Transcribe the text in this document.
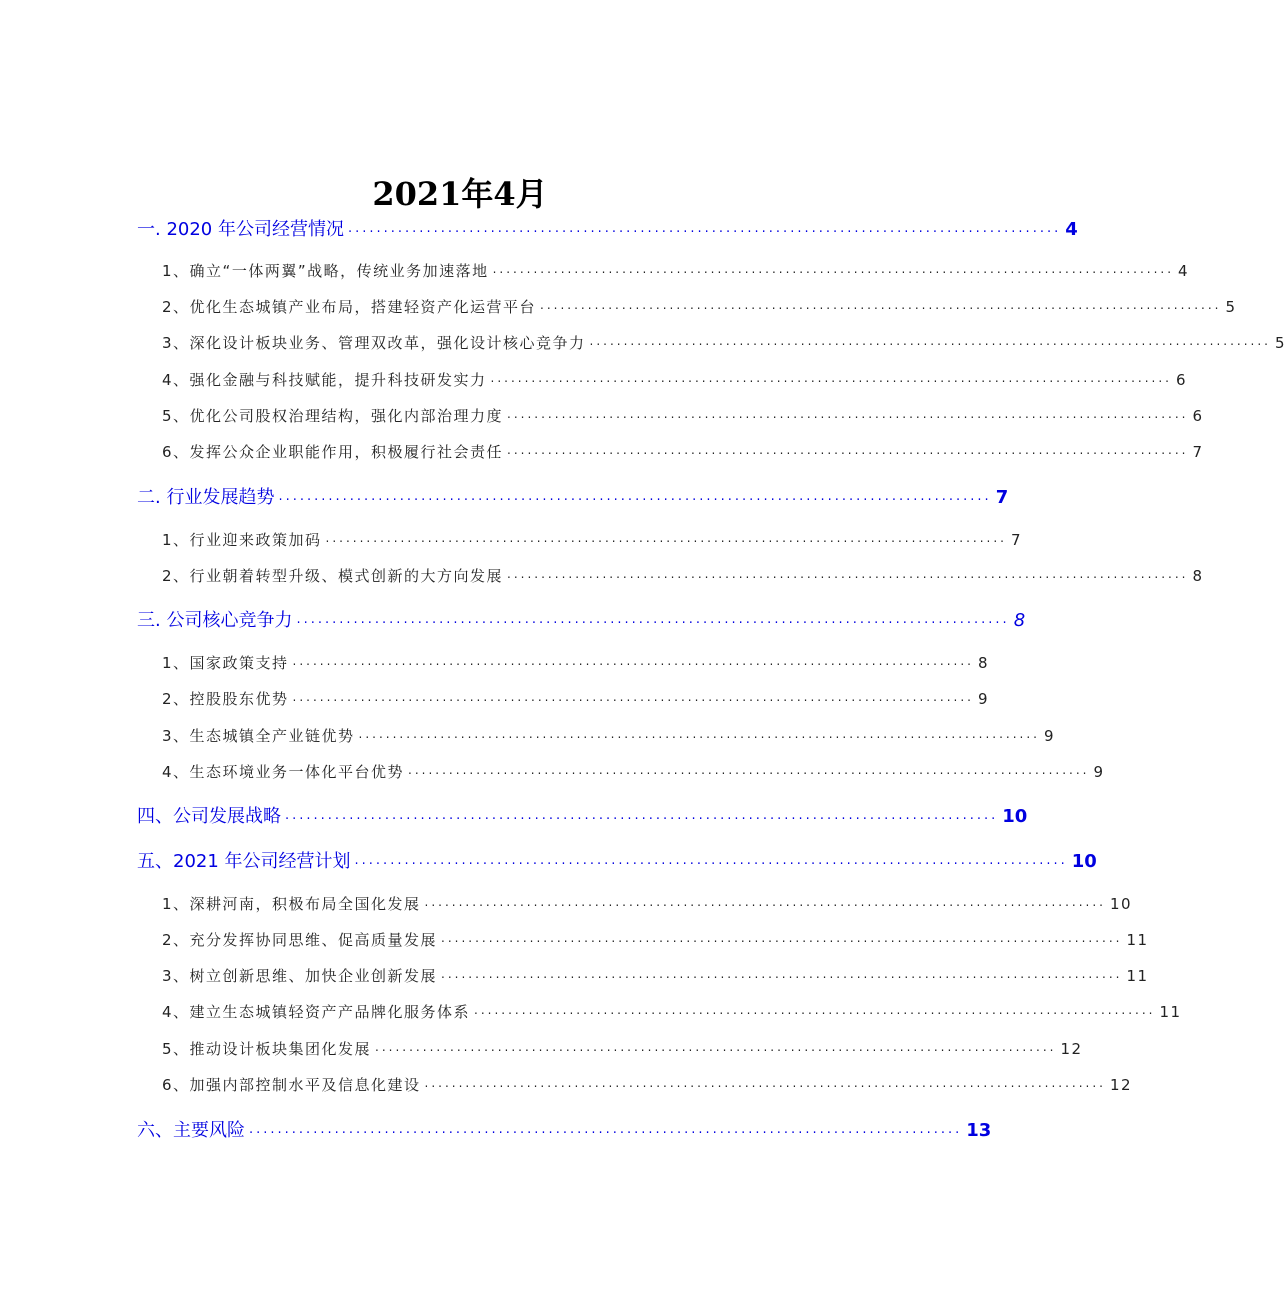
2021年4月
一. 2020 年公司经营情况 .................................................................................................... 4
1、确立“一体两翼”战略，传统业务加速落地 .................................................................................................... 4
2、优化生态城镇产业布局，搭建轻资产化运营平台 .................................................................................................... 5
3、深化设计板块业务、管理双改革，强化设计核心竞争力 .................................................................................................... 5
4、强化金融与科技赋能，提升科技研发实力 .................................................................................................... 6
5、优化公司股权治理结构，强化内部治理力度 .................................................................................................... 6
6、发挥公众企业职能作用，积极履行社会责任 .................................................................................................... 7
二. 行业发展趋势 .................................................................................................... 7
1、行业迎来政策加码 .................................................................................................... 7
2、行业朝着转型升级、模式创新的大方向发展 .................................................................................................... 8
三. 公司核心竞争力 .................................................................................................... 8
1、国家政策支持 .................................................................................................... 8
2、控股股东优势 .................................................................................................... 9
3、生态城镇全产业链优势 .................................................................................................... 9
4、生态环境业务一体化平台优势 .................................................................................................... 9
四、公司发展战略 .................................................................................................... 10
五、2021 年公司经营计划 .................................................................................................... 10
1、深耕河南，积极布局全国化发展 .................................................................................................... 10
2、充分发挥协同思维、促高质量发展 .................................................................................................... 11
3、树立创新思维、加快企业创新发展 .................................................................................................... 11
4、建立生态城镇轻资产产品牌化服务体系 .................................................................................................... 11
5、推动设计板块集团化发展 .................................................................................................... 12
6、加强内部控制水平及信息化建设 .................................................................................................... 12
六、主要风险 .................................................................................................... 13
